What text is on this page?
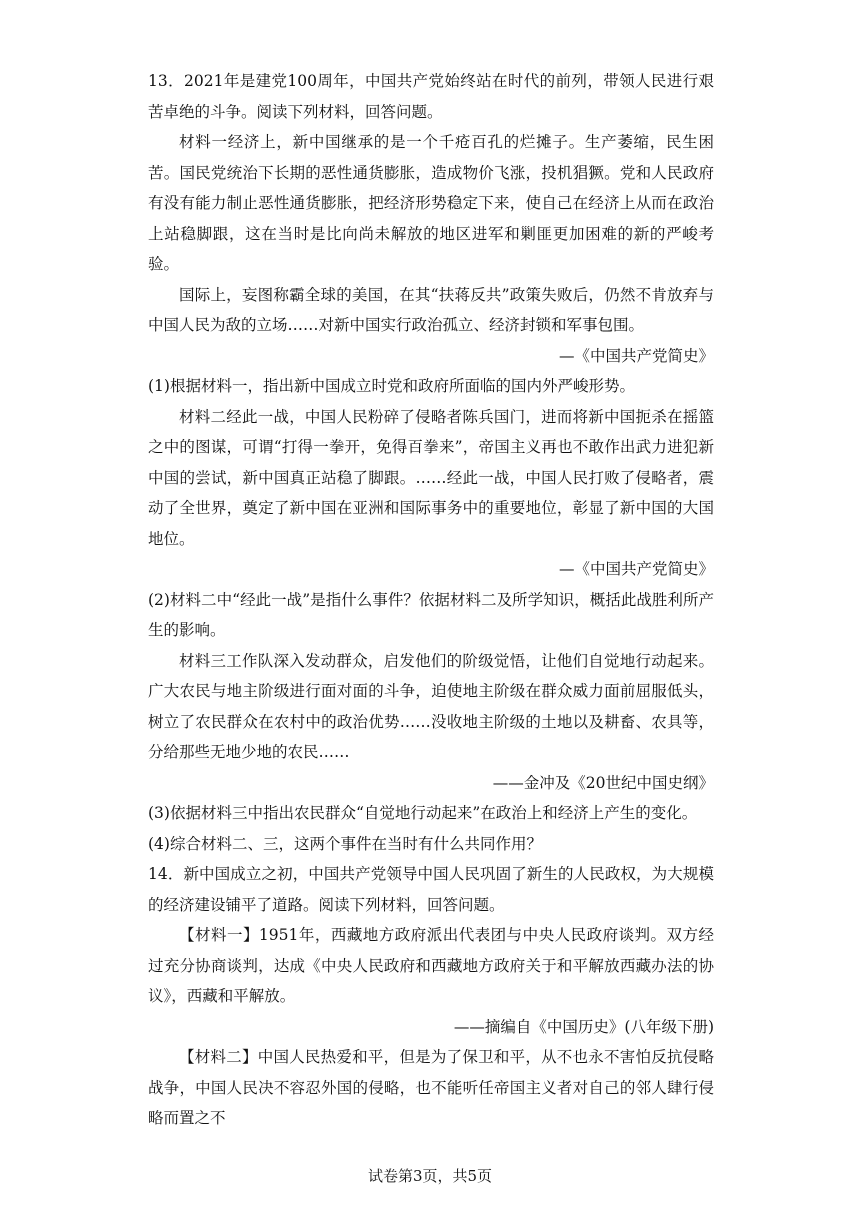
13．2021年是建党100周年，中国共产党始终站在时代的前列，带领人民进行艰苦卓绝的斗争。阅读下列材料，回答问题。

材料一经济上，新中国继承的是一个千疮百孔的烂摊子。生产萎缩，民生困苦。国民党统治下长期的恶性通货膨胀，造成物价飞涨，投机猖獗。党和人民政府有没有能力制止恶性通货膨胀，把经济形势稳定下来，使自己在经济上从而在政治上站稳脚跟，这在当时是比向尚未解放的地区进军和剿匪更加困难的新的严峻考验。

国际上，妄图称霸全球的美国，在其“扶蒋反共”政策失败后，仍然不肯放弃与中国人民为敌的立场……对新中国实行政治孤立、经济封锁和军事包围。

—《中国共产党简史》

(1)根据材料一，指出新中国成立时党和政府所面临的国内外严峻形势。

材料二经此一战，中国人民粉碎了侵略者陈兵国门，进而将新中国扼杀在摇篮之中的图谋，可谓“打得一拳开，免得百拳来”，帝国主义再也不敢作出武力进犯新中国的尝试，新中国真正站稳了脚跟。……经此一战，中国人民打败了侵略者，震动了全世界，奠定了新中国在亚洲和国际事务中的重要地位，彰显了新中国的大国地位。

—《中国共产党简史》

(2)材料二中“经此一战”是指什么事件？依据材料二及所学知识，概括此战胜利所产生的影响。

材料三工作队深入发动群众，启发他们的阶级觉悟，让他们自觉地行动起来。广大农民与地主阶级进行面对面的斗争，迫使地主阶级在群众威力面前屈服低头，树立了农民群众在农村中的政治优势……没收地主阶级的土地以及耕畜、农具等，分给那些无地少地的农民……

——金冲及《20世纪中国史纲》

(3)依据材料三中指出农民群众“自觉地行动起来”在政治上和经济上产生的变化。

(4)综合材料二、三，这两个事件在当时有什么共同作用？

14．新中国成立之初，中国共产党领导中国人民巩固了新生的人民政权，为大规模的经济建设铺平了道路。阅读下列材料，回答问题。

【材料一】1951年，西藏地方政府派出代表团与中央人民政府谈判。双方经过充分协商谈判，达成《中央人民政府和西藏地方政府关于和平解放西藏办法的协议》，西藏和平解放。

——摘编自《中国历史》(八年级下册)

【材料二】中国人民热爱和平，但是为了保卫和平，从不也永不害怕反抗侵略战争，中国人民决不容忍外国的侵略，也不能听任帝国主义者对自己的邻人肆行侵略而置之不

试卷第3页，共5页
